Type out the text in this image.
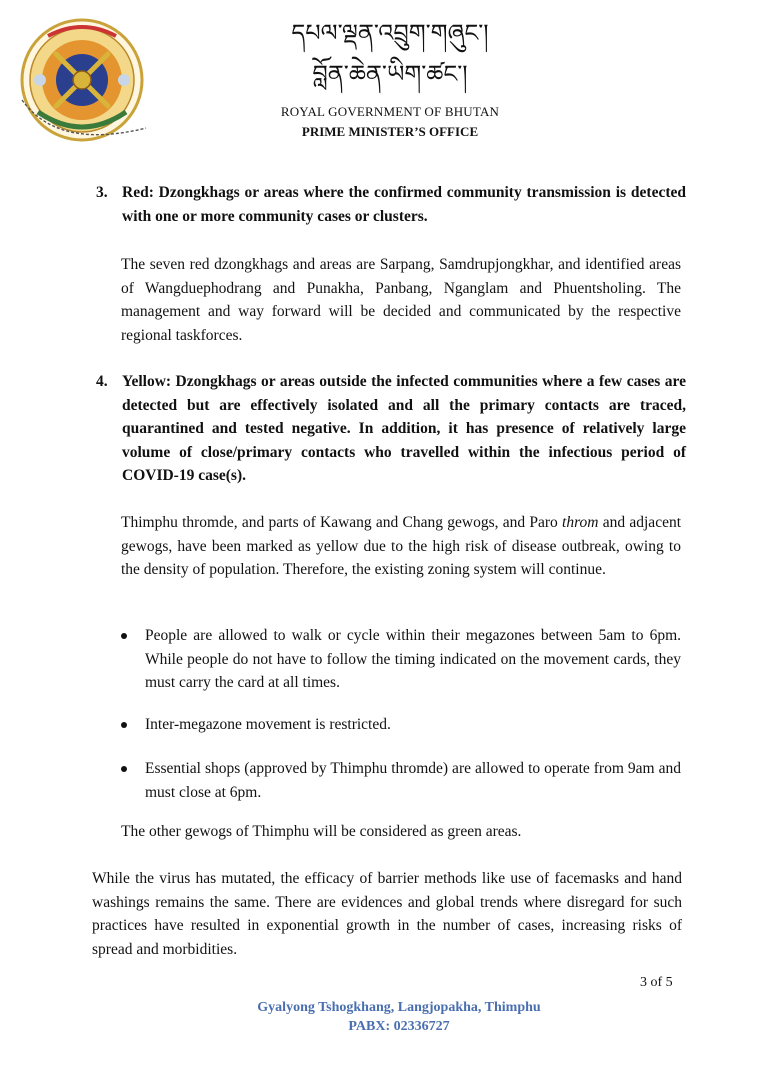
དཔལ་ལྡན་འབྲུག་གཞུང་།
བློན་ཆེན་ཡིག་ཚང་།
ROYAL GOVERNMENT OF BHUTAN
PRIME MINISTER’S OFFICE
3. Red: Dzongkhags or areas where the confirmed community transmission is detected with one or more community cases or clusters.
The seven red dzongkhags and areas are Sarpang, Samdrupjongkhar, and identified areas of Wangduephodrang and Punakha, Panbang, Nganglam and Phuentsholing. The management and way forward will be decided and communicated by the respective regional taskforces.
4. Yellow: Dzongkhags or areas outside the infected communities where a few cases are detected but are effectively isolated and all the primary contacts are traced, quarantined and tested negative. In addition, it has presence of relatively large volume of close/primary contacts who travelled within the infectious period of COVID-19 case(s).
Thimphu thromde, and parts of Kawang and Chang gewogs, and Paro throm and adjacent gewogs, have been marked as yellow due to the high risk of disease outbreak, owing to the density of population. Therefore, the existing zoning system will continue.
People are allowed to walk or cycle within their megazones between 5am to 6pm. While people do not have to follow the timing indicated on the movement cards, they must carry the card at all times.
Inter-megazone movement is restricted.
Essential shops (approved by Thimphu thromde) are allowed to operate from 9am and must close at 6pm.
The other gewogs of Thimphu will be considered as green areas.
While the virus has mutated, the efficacy of barrier methods like use of facemasks and hand washings remains the same. There are evidences and global trends where disregard for such practices have resulted in exponential growth in the number of cases, increasing risks of spread and morbidities.
3 of 5
Gyalyong Tshogkhang, Langjopakha, Thimphu
PABX: 02336727
